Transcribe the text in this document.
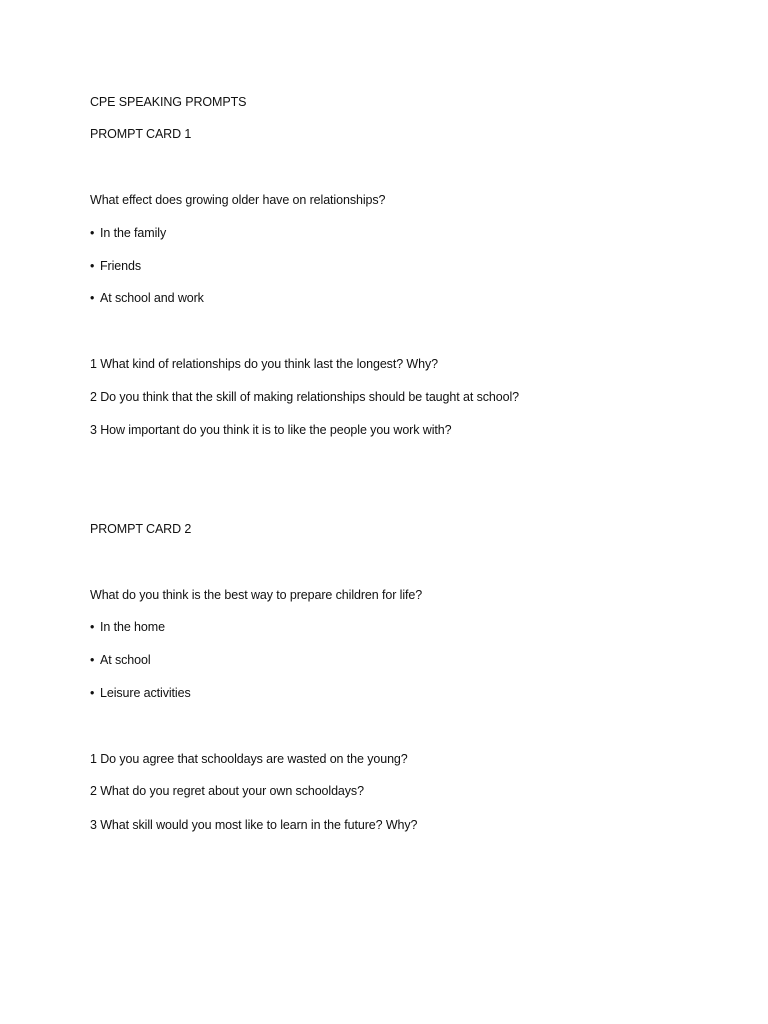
CPE SPEAKING PROMPTS
PROMPT CARD 1
What effect does growing older have on relationships?
• In the family
• Friends
• At school and work
1 What kind of relationships do you think last the longest? Why?
2 Do you think that the skill of making relationships should be taught at school?
3 How important do you think it is to like the people you work with?
PROMPT CARD 2
What do you think is the best way to prepare children for life?
• In the home
• At school
• Leisure activities
1 Do you agree that schooldays are wasted on the young?
2 What do you regret about your own schooldays?
3 What skill would you most like to learn in the future? Why?
